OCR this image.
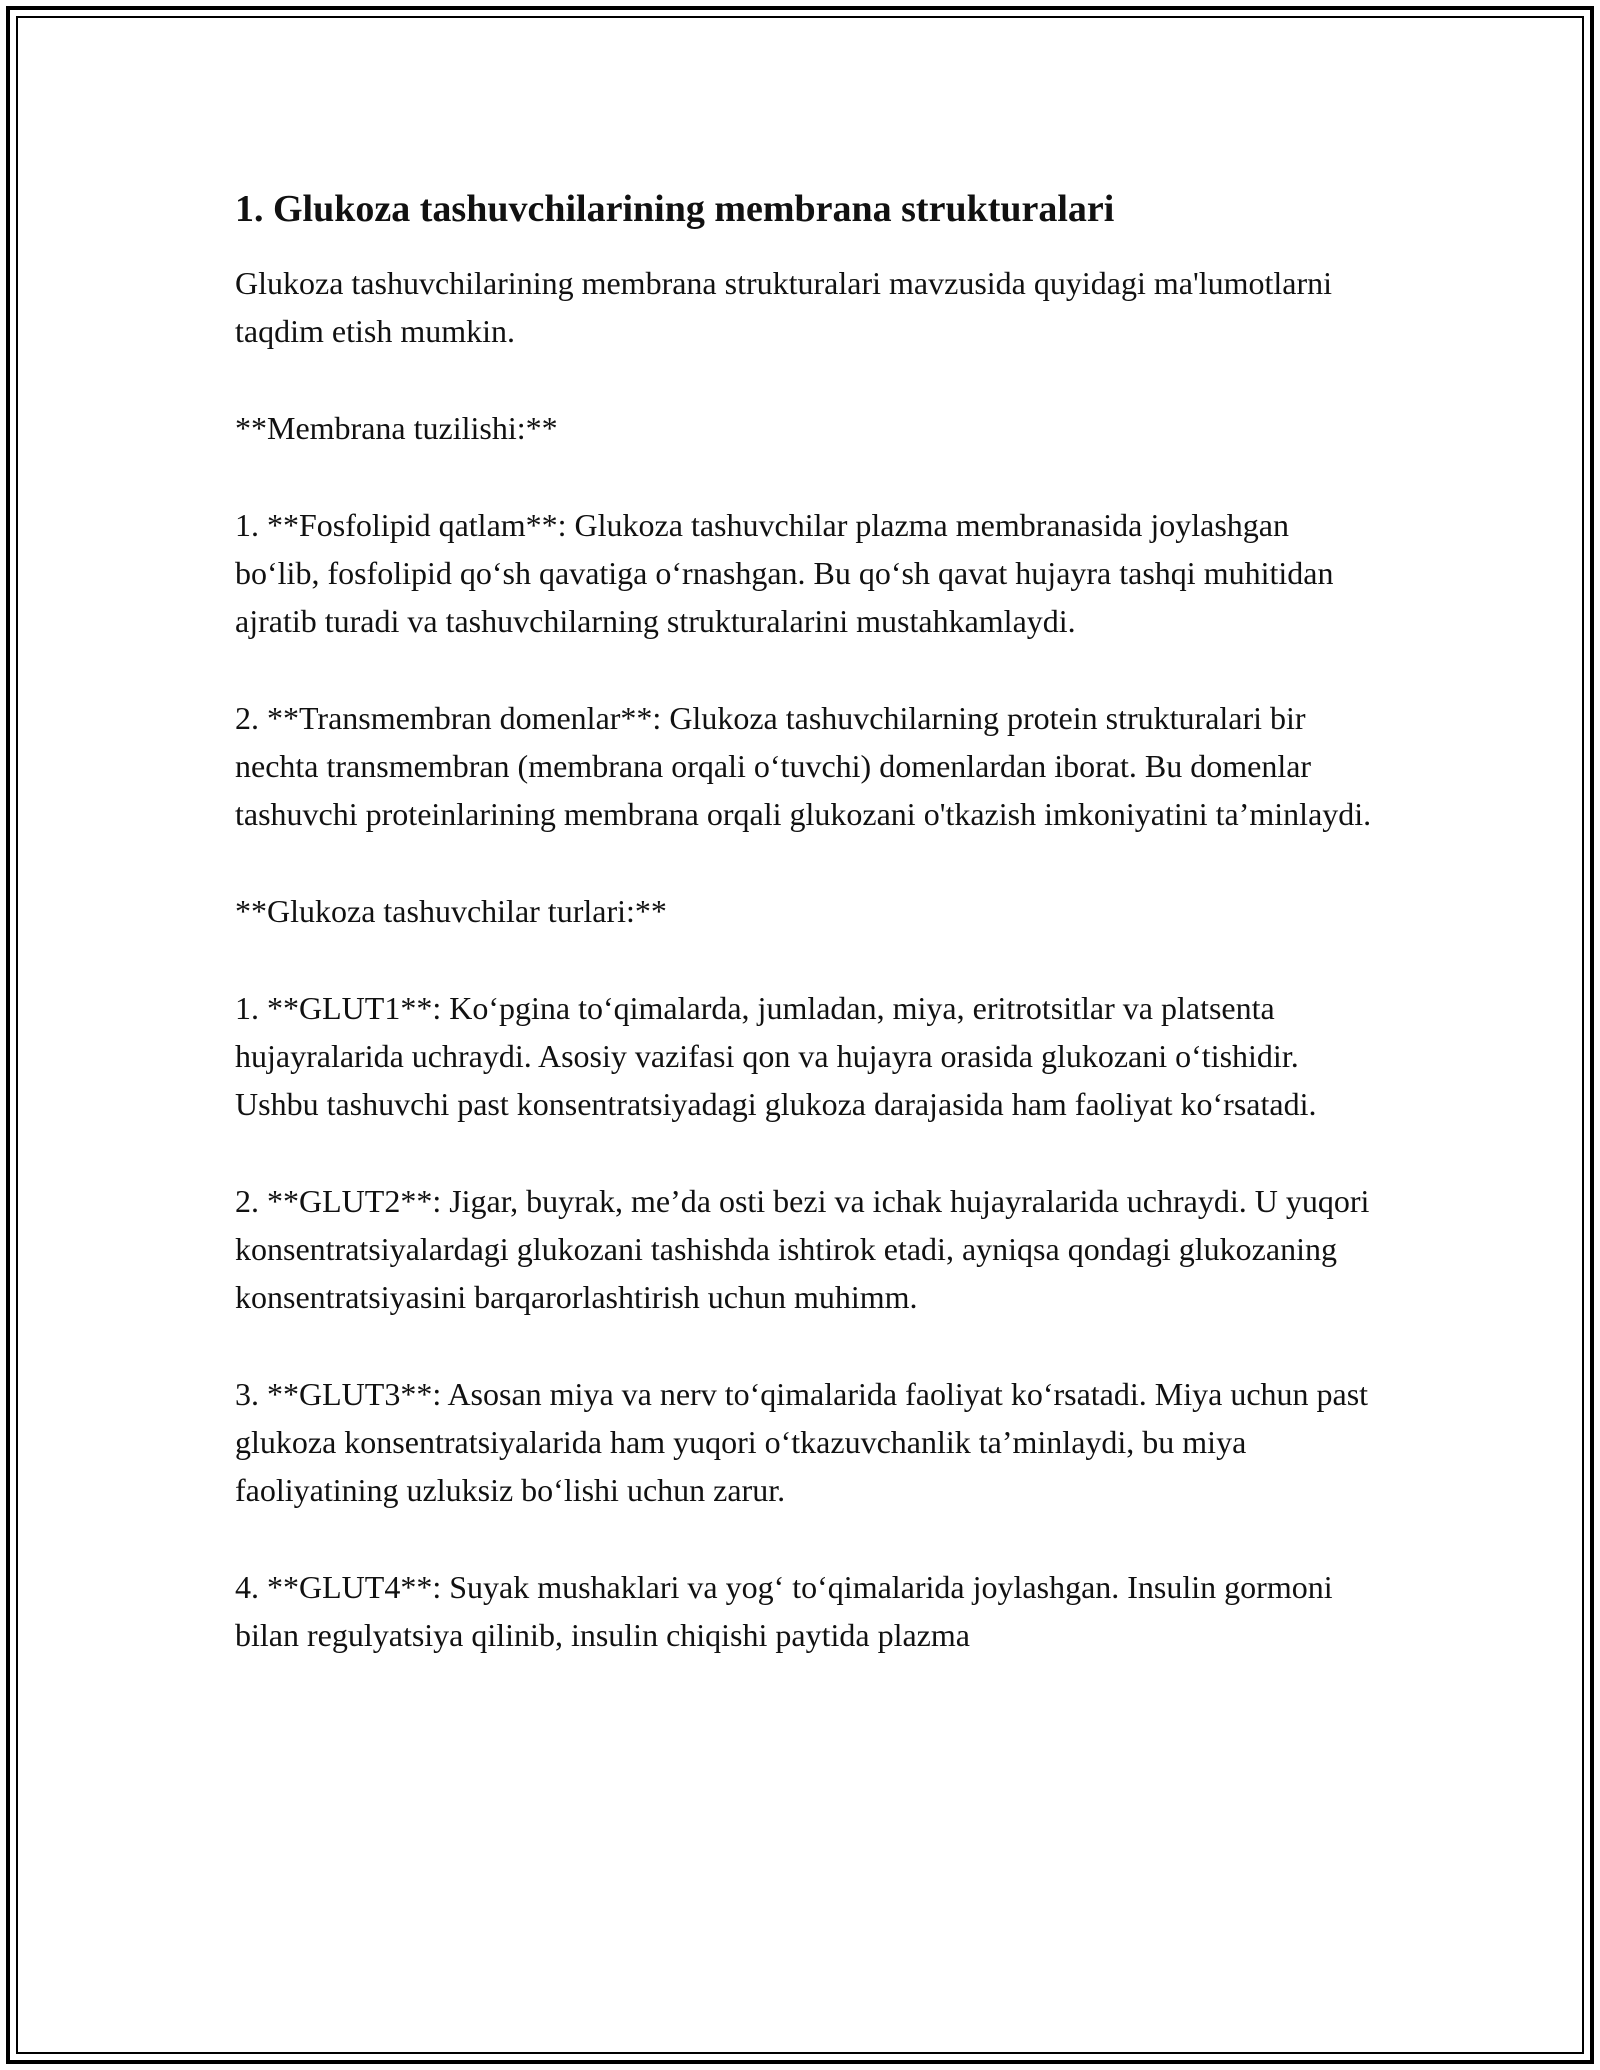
1. Glukoza tashuvchilarining membrana strukturalari

Glukoza tashuvchilarining membrana strukturalari mavzusida quyidagi ma'lumotlarni taqdim etish mumkin.

**Membrana tuzilishi:**

1. **Fosfolipid qatlam**: Glukoza tashuvchilar plazma membranasida joylashgan bo‘lib, fosfolipid qo‘sh qavatiga o‘rnashgan. Bu qo‘sh qavat hujayra tashqi muhitidan ajratib turadi va tashuvchilarning strukturalarini mustahkamlaydi.

2. **Transmembran domenlar**: Glukoza tashuvchilarning protein strukturalari bir nechta transmembran (membrana orqali o‘tuvchi) domenlardan iborat. Bu domenlar tashuvchi proteinlarining membrana orqali glukozani o'tkazish imkoniyatini ta’minlaydi.

**Glukoza tashuvchilar turlari:**

1. **GLUT1**: Ko‘pgina to‘qimalarda, jumladan, miya, eritrotsitlar va platsenta hujayralarida uchraydi. Asosiy vazifasi qon va hujayra orasida glukozani o‘tishidir. Ushbu tashuvchi past konsentratsiyadagi glukoza darajasida ham faoliyat ko‘rsatadi.

2. **GLUT2**: Jigar, buyrak, me’da osti bezi va ichak hujayralarida uchraydi. U yuqori konsentratsiyalardagi glukozani tashishda ishtirok etadi, ayniqsa qondagi glukozaning konsentratsiyasini barqarorlashtirish uchun muhimm.

3. **GLUT3**: Asosan miya va nerv to‘qimalarida faoliyat ko‘rsatadi. Miya uchun past glukoza konsentratsiyalarida ham yuqori o‘tkazuvchanlik ta’minlaydi, bu miya faoliyatining uzluksiz bo‘lishi uchun zarur.

4. **GLUT4**: Suyak mushaklari va yog‘ to‘qimalarida joylashgan. Insulin gormoni bilan regulyatsiya qilinib, insulin chiqishi paytida plazma
